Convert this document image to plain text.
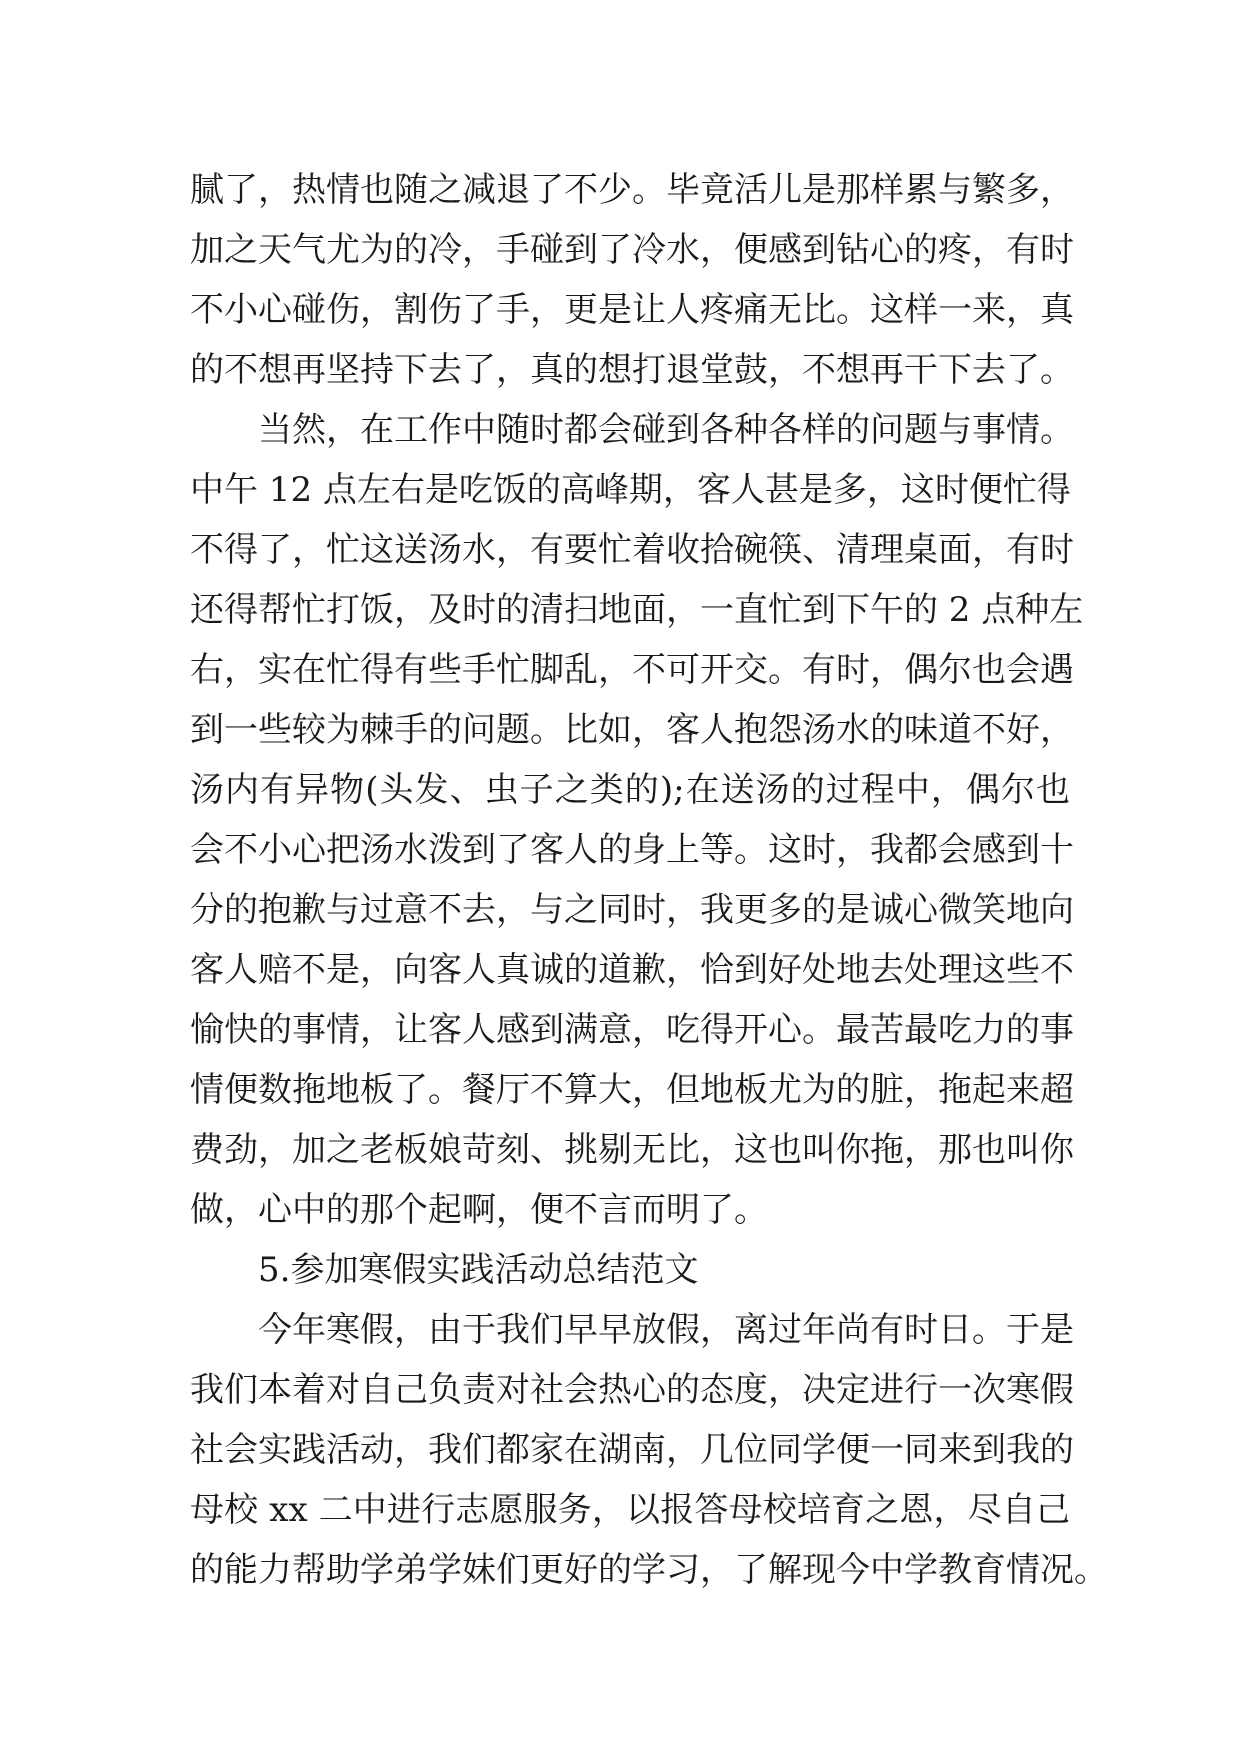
腻了，热情也随之减退了不少。毕竟活儿是那样累与繁多，
加之天气尤为的冷，手碰到了冷水，便感到钻心的疼，有时
不小心碰伤，割伤了手，更是让人疼痛无比。这样一来，真
的不想再坚持下去了，真的想打退堂鼓，不想再干下去了。
当然，在工作中随时都会碰到各种各样的问题与事情。
中午 12 点左右是吃饭的高峰期，客人甚是多，这时便忙得
不得了，忙这送汤水，有要忙着收拾碗筷、清理桌面，有时
还得帮忙打饭，及时的清扫地面，一直忙到下午的 2 点种左
右，实在忙得有些手忙脚乱，不可开交。有时，偶尔也会遇
到一些较为棘手的问题。比如，客人抱怨汤水的味道不好，
汤内有异物(头发、虫子之类的);在送汤的过程中，偶尔也
会不小心把汤水泼到了客人的身上等。这时，我都会感到十
分的抱歉与过意不去，与之同时，我更多的是诚心微笑地向
客人赔不是，向客人真诚的道歉，恰到好处地去处理这些不
愉快的事情，让客人感到满意，吃得开心。最苦最吃力的事
情便数拖地板了。餐厅不算大，但地板尤为的脏，拖起来超
费劲，加之老板娘苛刻、挑剔无比，这也叫你拖，那也叫你
做，心中的那个起啊，便不言而明了。
5.参加寒假实践活动总结范文
今年寒假，由于我们早早放假，离过年尚有时日。于是
我们本着对自己负责对社会热心的态度，决定进行一次寒假
社会实践活动，我们都家在湖南，几位同学便一同来到我的
母校 xx 二中进行志愿服务，以报答母校培育之恩，尽自己
的能力帮助学弟学妹们更好的学习，了解现今中学教育情况。
